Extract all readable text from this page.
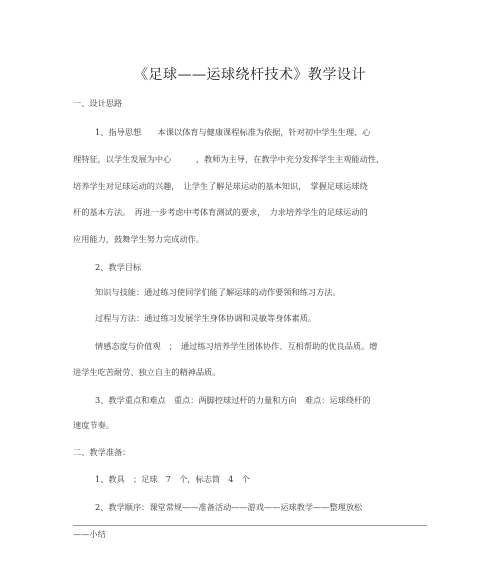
《足球——运球绕杆技术》教学设计
一、设计思路
1、指导思想　　本课以体育与健康课程标准为依据，针对初中学生生理、心
理特征，以学生发展为中心　　　，教师为主导，在教学中充分发挥学生主观能动性，
培养学生对足球运动的兴趣，　让学生了解足球运动的基本知识，　掌握足球运球绕
杆的基本方法。　再进一步考虑中考体育测试的要求，　力求培养学生的足球运动的
应用能力，鼓舞学生努力完成动作。
2、教学目标
知识与技能：通过练习使同学们能了解运球的动作要领和练习方法。
过程与方法：通过练习发展学生身体协调和灵敏等身体素质。
情感态度与价值观　；　通过练习培养学生团体协作、互相帮助的优良品质。增
进学生吃苦耐劳、独立自主的精神品质。
3、教学重点和难点　重点：两脚控球过杆的力量和方向　难点：运球绕杆的
速度节奏。
二、教学准备：
1、教具　；足球　7　个，标志筒　4　个
2、教学顺序：课堂常规——准备活动——游戏——运球教学——整理放松
——小结
